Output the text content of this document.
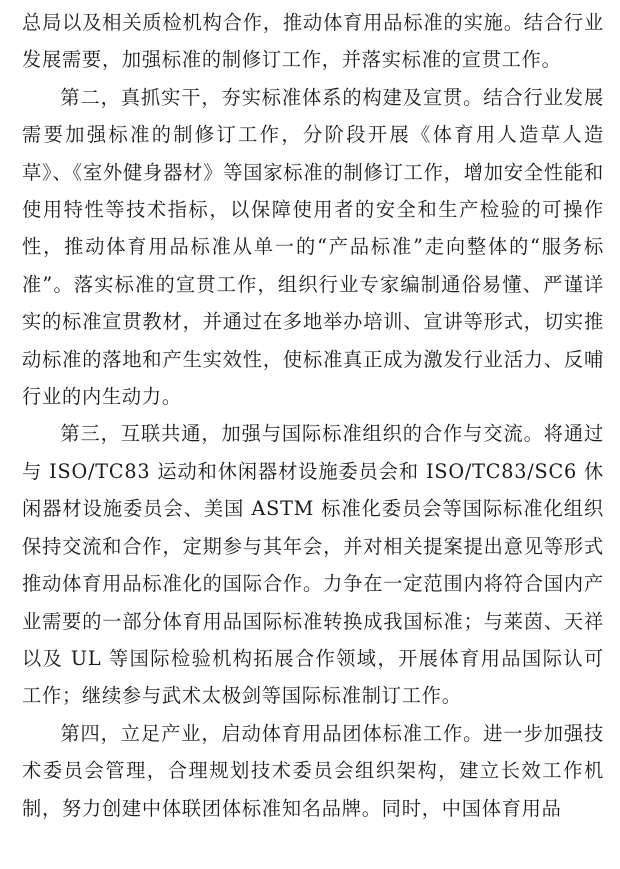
总局以及相关质检机构合作，推动体育用品标准的实施。结合行业发展需要，加强标准的制修订工作，并落实标准的宣贯工作。

第二，真抓实干，夯实标准体系的构建及宣贯。结合行业发展需要加强标准的制修订工作，分阶段开展《体育用人造草人造草》、《室外健身器材》等国家标准的制修订工作，增加安全性能和使用特性等技术指标，以保障使用者的安全和生产检验的可操作性，推动体育用品标准从单一的“产品标准”走向整体的“服务标准”。落实标准的宣贯工作，组织行业专家编制通俗易懂、严谨详实的标准宣贯教材，并通过在多地举办培训、宣讲等形式，切实推动标准的落地和产生实效性，使标准真正成为激发行业活力、反哺行业的内生动力。

第三，互联共通，加强与国际标准组织的合作与交流。将通过与 ISO/TC83 运动和休闲器材设施委员会和 ISO/TC83/SC6 休闲器材设施委员会、美国 ASTM 标准化委员会等国际标准化组织保持交流和合作，定期参与其年会，并对相关提案提出意见等形式推动体育用品标准化的国际合作。力争在一定范围内将符合国内产业需要的一部分体育用品国际标准转换成我国标准；与莱茵、天祥以及 UL 等国际检验机构拓展合作领域，开展体育用品国际认可工作；继续参与武术太极剑等国际标准制订工作。

第四，立足产业，启动体育用品团体标准工作。进一步加强技术委员会管理，合理规划技术委员会组织架构，建立长效工作机制，努力创建中体联团体标准知名品牌。同时，中国体育用品
